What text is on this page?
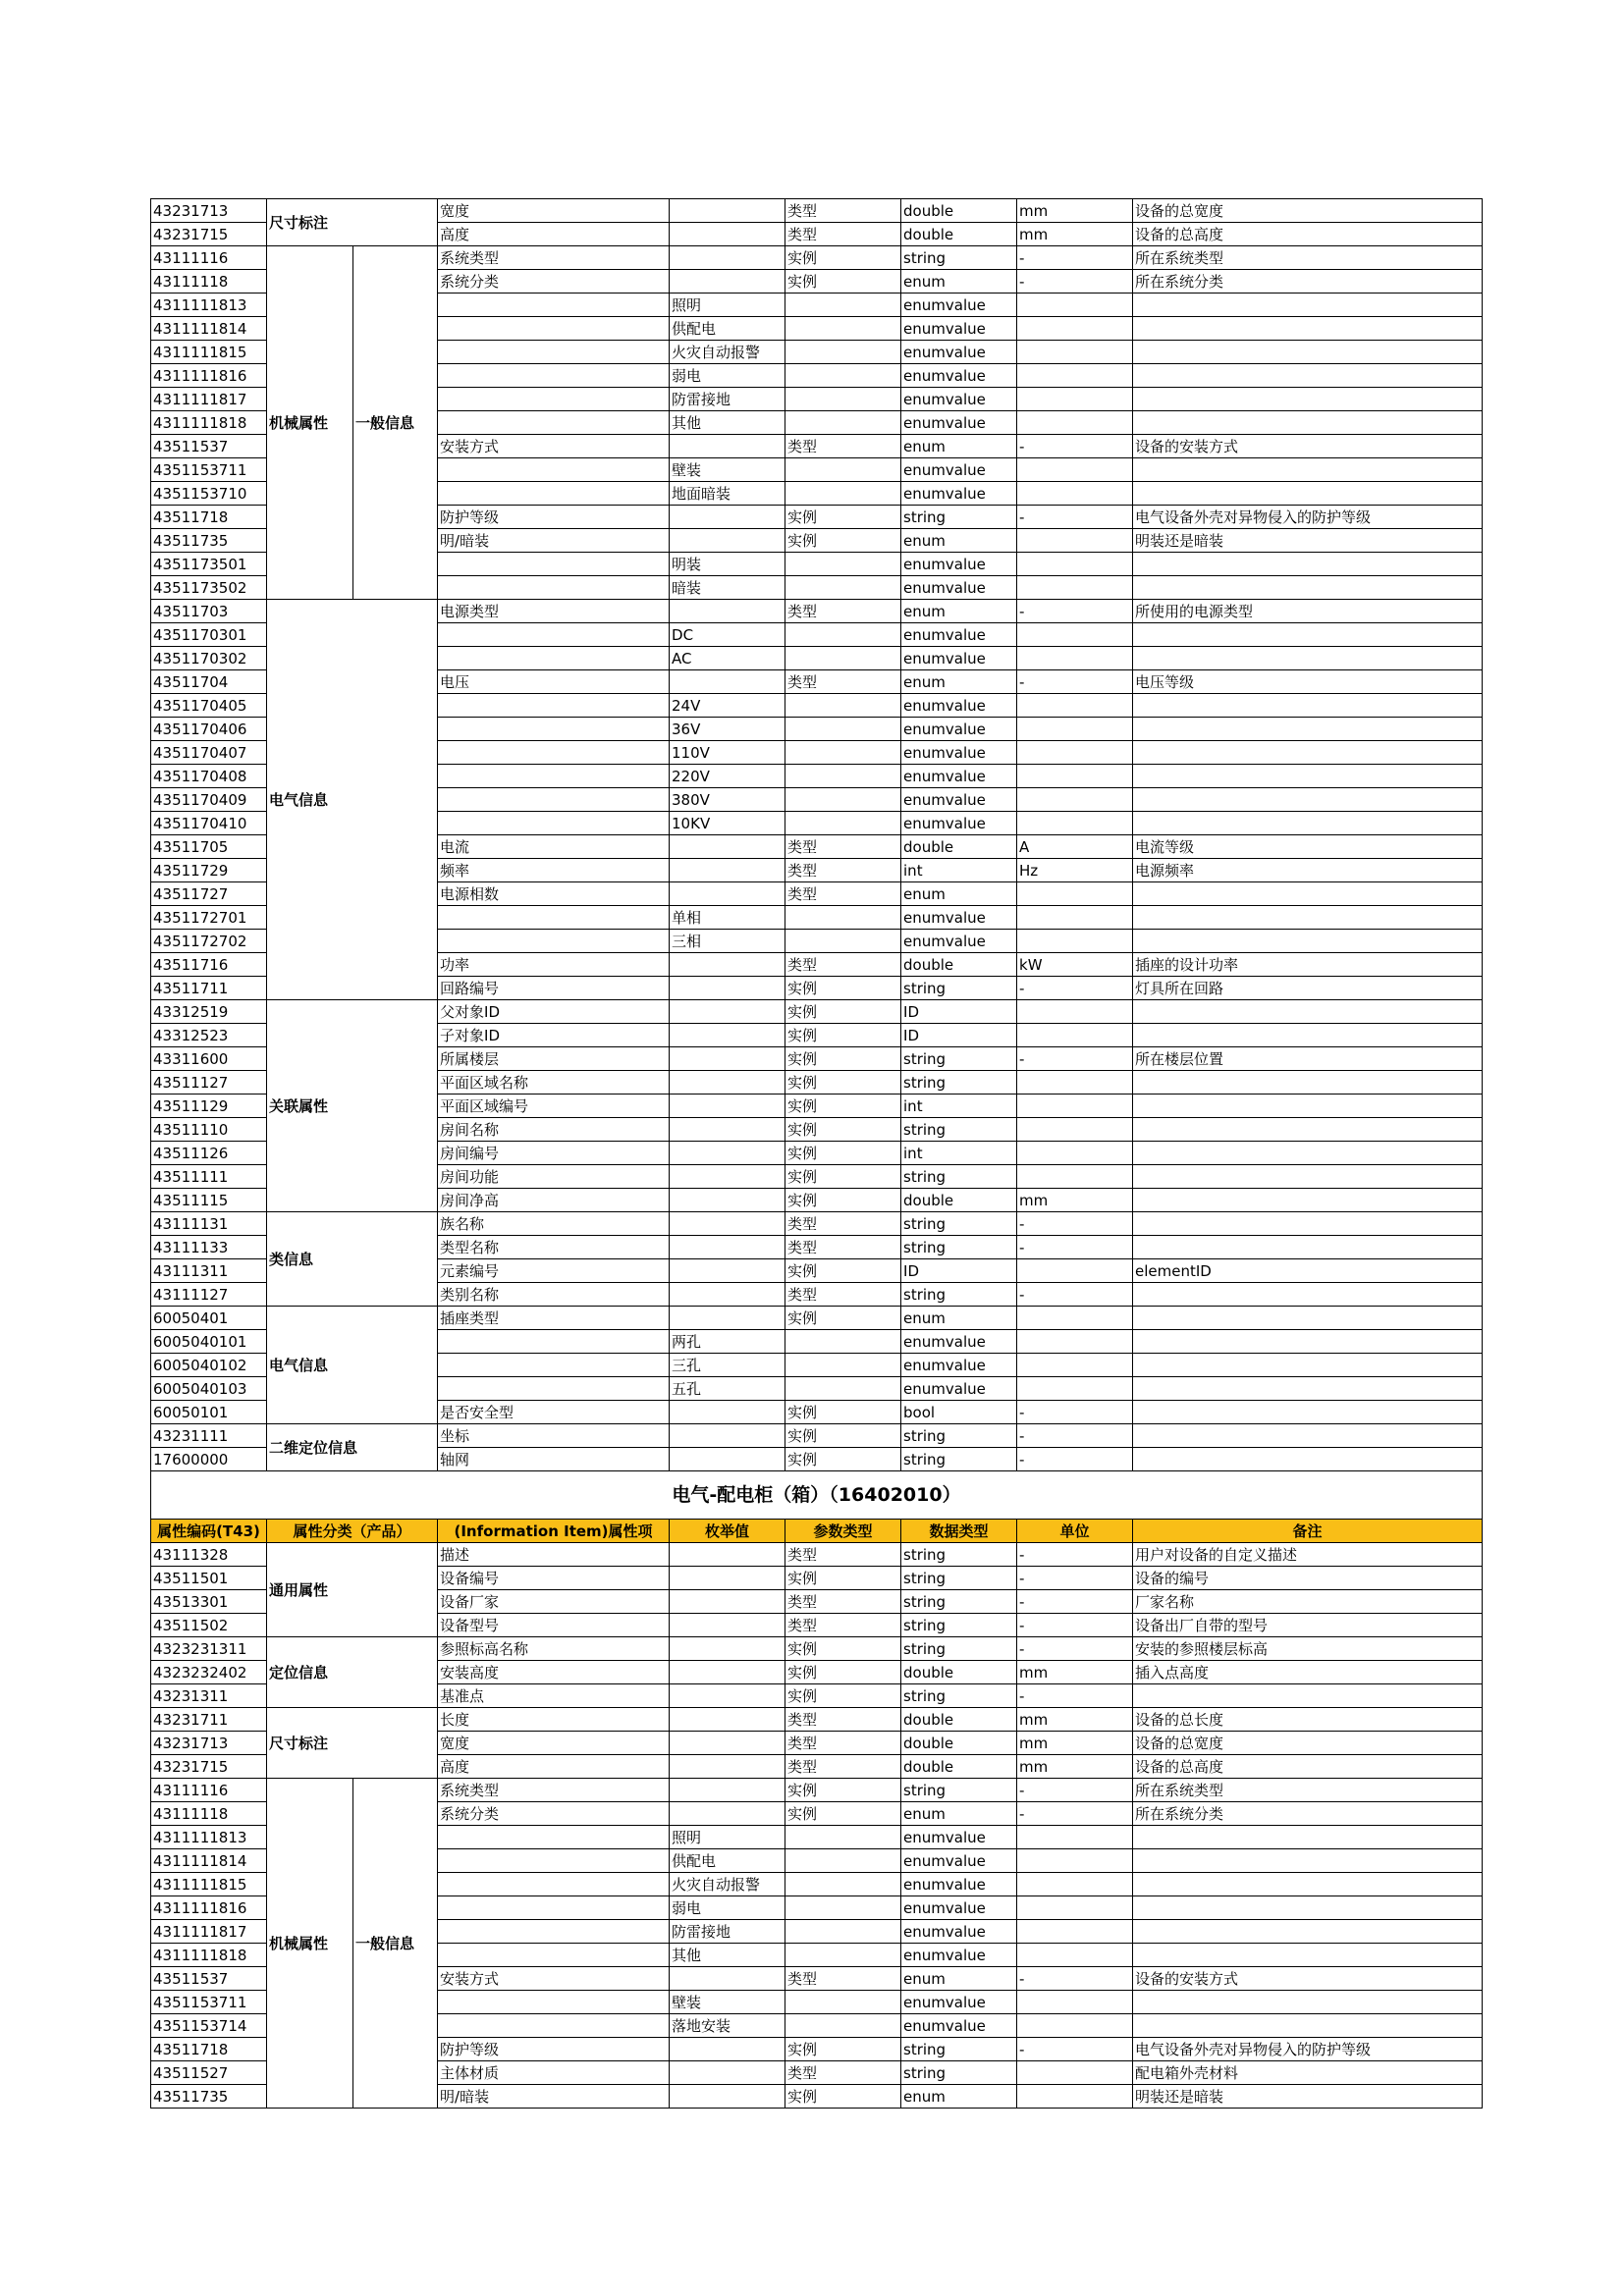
43231713	尺寸标注		宽度		类型	double	mm	设备的总宽度
43231715			高度		类型	double	mm	设备的总高度
43111116	机械属性	一般信息	系统类型		实例	string	-	所在系统类型
43111118			系统分类		实例	enum	-	所在系统分类
4311111813				照明		enumvalue		
4311111814				供配电		enumvalue		
4311111815				火灾自动报警		enumvalue		
4311111816				弱电		enumvalue		
4311111817				防雷接地		enumvalue		
4311111818				其他		enumvalue		
43511537			安装方式		类型	enum	-	设备的安装方式
4351153711				壁装		enumvalue		
4351153710				地面暗装		enumvalue		
43511718			防护等级		实例	string	-	电气设备外壳对异物侵入的防护等级
43511735			明/暗装		实例	enum		明装还是暗装
4351173501				明装		enumvalue		
4351173502				暗装		enumvalue		
43511703	电气信息		电源类型		类型	enum	-	所使用的电源类型
4351170301				DC		enumvalue		
4351170302				AC		enumvalue		
43511704			电压		类型	enum	-	电压等级
4351170405				24V		enumvalue		
4351170406				36V		enumvalue		
4351170407				110V		enumvalue		
4351170408				220V		enumvalue		
4351170409				380V		enumvalue		
4351170410				10KV		enumvalue		
43511705			电流		类型	double	A	电流等级
43511729			频率		类型	int	Hz	电源频率
43511727			电源相数		类型	enum		
4351172701				单相		enumvalue		
4351172702				三相		enumvalue		
43511716			功率		类型	double	kW	插座的设计功率
43511711			回路编号		实例	string	-	灯具所在回路
43312519	关联属性		父对象ID		实例	ID		
43312523			子对象ID		实例	ID		
43311600			所属楼层		实例	string	-	所在楼层位置
43511127			平面区域名称		实例	string		
43511129			平面区域编号		实例	int		
43511110			房间名称		实例	string		
43511126			房间编号		实例	int		
43511111			房间功能		实例	string		
43511115			房间净高		实例	double	mm	
43111131	类信息		族名称		类型	string	-	
43111133			类型名称		类型	string	-	
43111311			元素编号		实例	ID		elementID
43111127			类别名称		类型	string	-	
60050401	电气信息		插座类型		实例	enum		
6005040101				两孔		enumvalue		
6005040102				三孔		enumvalue		
6005040103				五孔		enumvalue		
60050101			是否安全型		实例	bool	-	
43231111	二维定位信息		坐标		实例	string	-	
17600000			轴网		实例	string	-	
电气-配电柜（箱）（16402010）								
属性编码(T43)	属性分类（产品）		(Information Item)属性项	枚举值	参数类型	数据类型	单位	备注
43111328	通用属性		描述		类型	string	-	用户对设备的自定义描述
43511501			设备编号		实例	string	-	设备的编号
43513301			设备厂家		类型	string	-	厂家名称
43511502			设备型号		类型	string	-	设备出厂自带的型号
4323231311	定位信息		参照标高名称		实例	string	-	安装的参照楼层标高
4323232402			安装高度		实例	double	mm	插入点高度
43231311			基准点		实例	string	-	
43231711	尺寸标注		长度		类型	double	mm	设备的总长度
43231713			宽度		类型	double	mm	设备的总宽度
43231715			高度		类型	double	mm	设备的总高度
43111116	机械属性	一般信息	系统类型		实例	string	-	所在系统类型
43111118			系统分类		实例	enum	-	所在系统分类
4311111813				照明		enumvalue		
4311111814				供配电		enumvalue		
4311111815				火灾自动报警		enumvalue		
4311111816				弱电		enumvalue		
4311111817				防雷接地		enumvalue		
4311111818				其他		enumvalue		
43511537			安装方式		类型	enum	-	设备的安装方式
4351153711				壁装		enumvalue		
4351153714				落地安装		enumvalue		
43511718			防护等级		实例	string	-	电气设备外壳对异物侵入的防护等级
43511527			主体材质		类型	string		配电箱外壳材料
43511735			明/暗装		实例	enum		明装还是暗装
